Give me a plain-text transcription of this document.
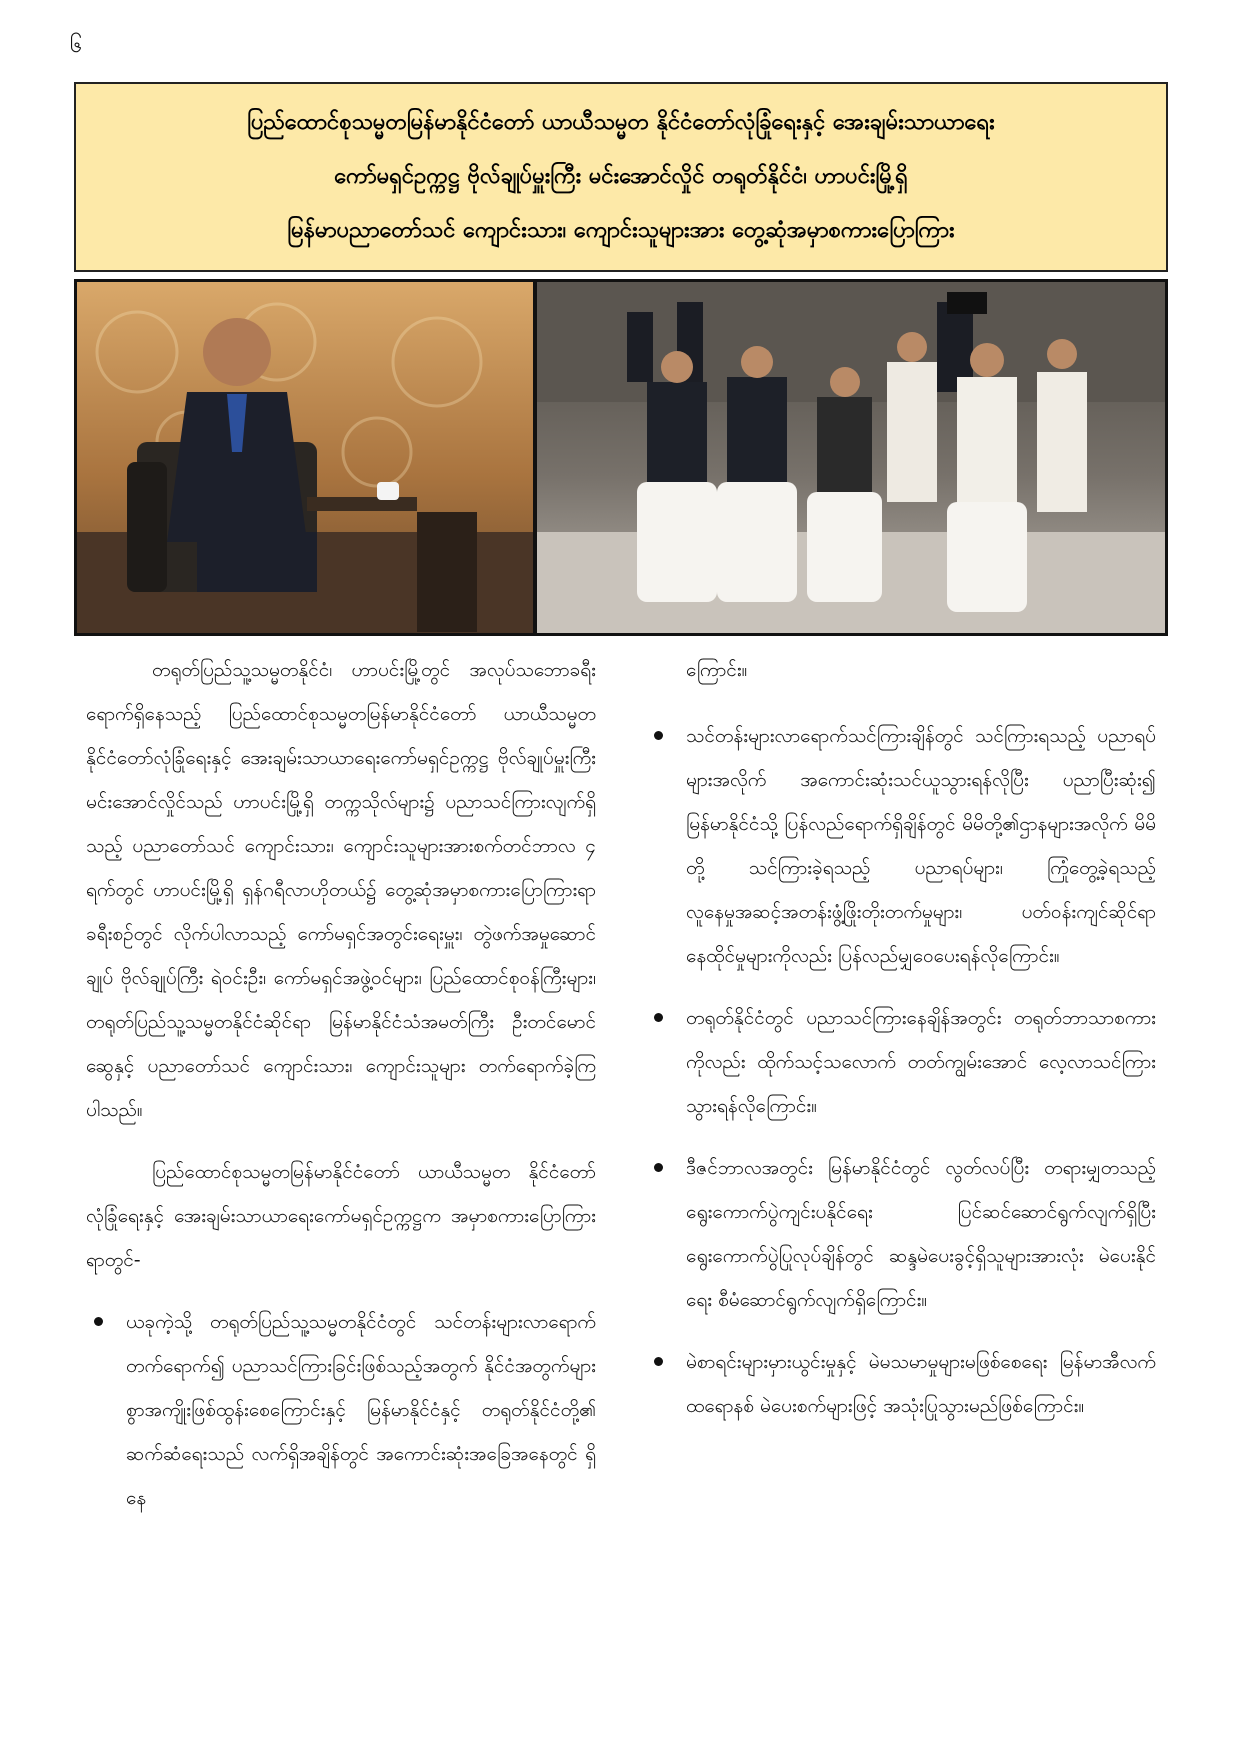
၆
ပြည်ထောင်စုသမ္မတမြန်မာနိုင်ငံတော် ယာယီသမ္မတ နိုင်ငံတော်လုံခြုံရေးနှင့် အေးချမ်းသာယာရေး
ကော်မရှင်ဥက္ကဋ္ဌ ဗိုလ်ချုပ်မှူးကြီး မင်းအောင်လှိုင် တရုတ်နိုင်ငံ၊ ဟာပင်းမြို့ရှိ
မြန်မာပညာတော်သင် ကျောင်းသား၊ ကျောင်းသူများအား တွေ့ဆုံအမှာစကားပြောကြား

တရုတ်ပြည်သူ့သမ္မတနိုင်ငံ၊ ဟာပင်းမြို့တွင် အလုပ်သဘောခရီးရောက်ရှိနေသည့် ပြည်ထောင်စုသမ္မတမြန်မာနိုင်ငံတော် ယာယီသမ္မတ နိုင်ငံတော်လုံခြုံရေးနှင့် အေးချမ်းသာယာရေးကော်မရှင်ဥက္ကဋ္ဌ ဗိုလ်ချုပ်မှူးကြီး မင်းအောင်လှိုင်သည် ဟာပင်းမြို့ရှိ တက္ကသိုလ်များ၌ ပညာသင်ကြားလျက်ရှိသည့် ပညာတော်သင် ကျောင်းသား၊ ကျောင်းသူများအားစက်တင်ဘာလ ၄ ရက်တွင် ဟာပင်းမြို့ရှိ ရှန်ဂရီလာဟိုတယ်၌ တွေ့ဆုံအမှာစကားပြောကြားရာ ခရီးစဉ်တွင် လိုက်ပါလာသည့် ကော်မရှင်အတွင်းရေးမှူး၊ တွဲဖက်အမှုဆောင်ချုပ် ဗိုလ်ချုပ်ကြီး ရဲဝင်းဦး၊ ကော်မရှင်အဖွဲ့ဝင်များ၊ ပြည်ထောင်စုဝန်ကြီးများ၊ တရုတ်ပြည်သူ့သမ္မတနိုင်ငံဆိုင်ရာ မြန်မာနိုင်ငံသံအမတ်ကြီး ဦးတင်မောင်ဆွေနှင့် ပညာတော်သင် ကျောင်းသား၊ ကျောင်းသူများ တက်ရောက်ခဲ့ကြပါသည်။

ပြည်ထောင်စုသမ္မတမြန်မာနိုင်ငံတော် ယာယီသမ္မတ နိုင်ငံတော်လုံခြုံရေးနှင့် အေးချမ်းသာယာရေးကော်မရှင်ဥက္ကဋ္ဌက အမှာစကားပြောကြားရာတွင်-

ယခုကဲ့သို့ တရုတ်ပြည်သူ့သမ္မတနိုင်ငံတွင် သင်တန်းများလာရောက်တက်ရောက်၍ ပညာသင်ကြားခြင်းဖြစ်သည့်အတွက် နိုင်ငံအတွက်များစွာအကျိုးဖြစ်ထွန်းစေကြောင်းနှင့် မြန်မာနိုင်ငံနှင့် တရုတ်နိုင်ငံတို့၏ ဆက်ဆံရေးသည် လက်ရှိအချိန်တွင် အကောင်းဆုံးအခြေအနေတွင် ရှိနေ
ကြောင်း။
သင်တန်းများလာရောက်သင်ကြားချိန်တွင် သင်ကြားရသည့် ပညာရပ်များအလိုက် အကောင်းဆုံးသင်ယူသွားရန်လိုပြီး ပညာပြီးဆုံး၍ မြန်မာနိုင်ငံသို့ ပြန်လည်ရောက်ရှိချိန်တွင် မိမိတို့၏ဌာနများအလိုက် မိမိတို့ သင်ကြားခဲ့ရသည့် ပညာရပ်များ၊ ကြုံတွေ့ခဲ့ရသည့် လူနေမှုအဆင့်အတန်းဖွံ့ဖြိုးတိုးတက်မှုများ၊ ပတ်ဝန်းကျင်ဆိုင်ရာ နေထိုင်မှုများကိုလည်း ပြန်လည်မျှဝေပေးရန်လိုကြောင်း။
တရုတ်နိုင်ငံတွင် ပညာသင်ကြားနေချိန်အတွင်း တရုတ်ဘာသာစကားကိုလည်း ထိုက်သင့်သလောက် တတ်ကျွမ်းအောင် လေ့လာသင်ကြားသွားရန်လိုကြောင်း။
ဒီဇင်ဘာလအတွင်း မြန်မာနိုင်ငံတွင် လွတ်လပ်ပြီး တရားမျှတသည့် ရွေးကောက်ပွဲကျင်းပနိုင်ရေး ပြင်ဆင်ဆောင်ရွက်လျက်ရှိပြီး ရွေးကောက်ပွဲပြုလုပ်ချိန်တွင် ဆန္ဒမဲပေးခွင့်ရှိသူများအားလုံး မဲပေးနိုင်ရေး စီမံဆောင်ရွက်လျက်ရှိကြောင်း။
မဲစာရင်းများမှားယွင်းမှုနှင့် မဲမသမာမှုများမဖြစ်စေရေး မြန်မာအီလက်ထရောနစ် မဲပေးစက်များဖြင့် အသုံးပြုသွားမည်ဖြစ်ကြောင်း။
